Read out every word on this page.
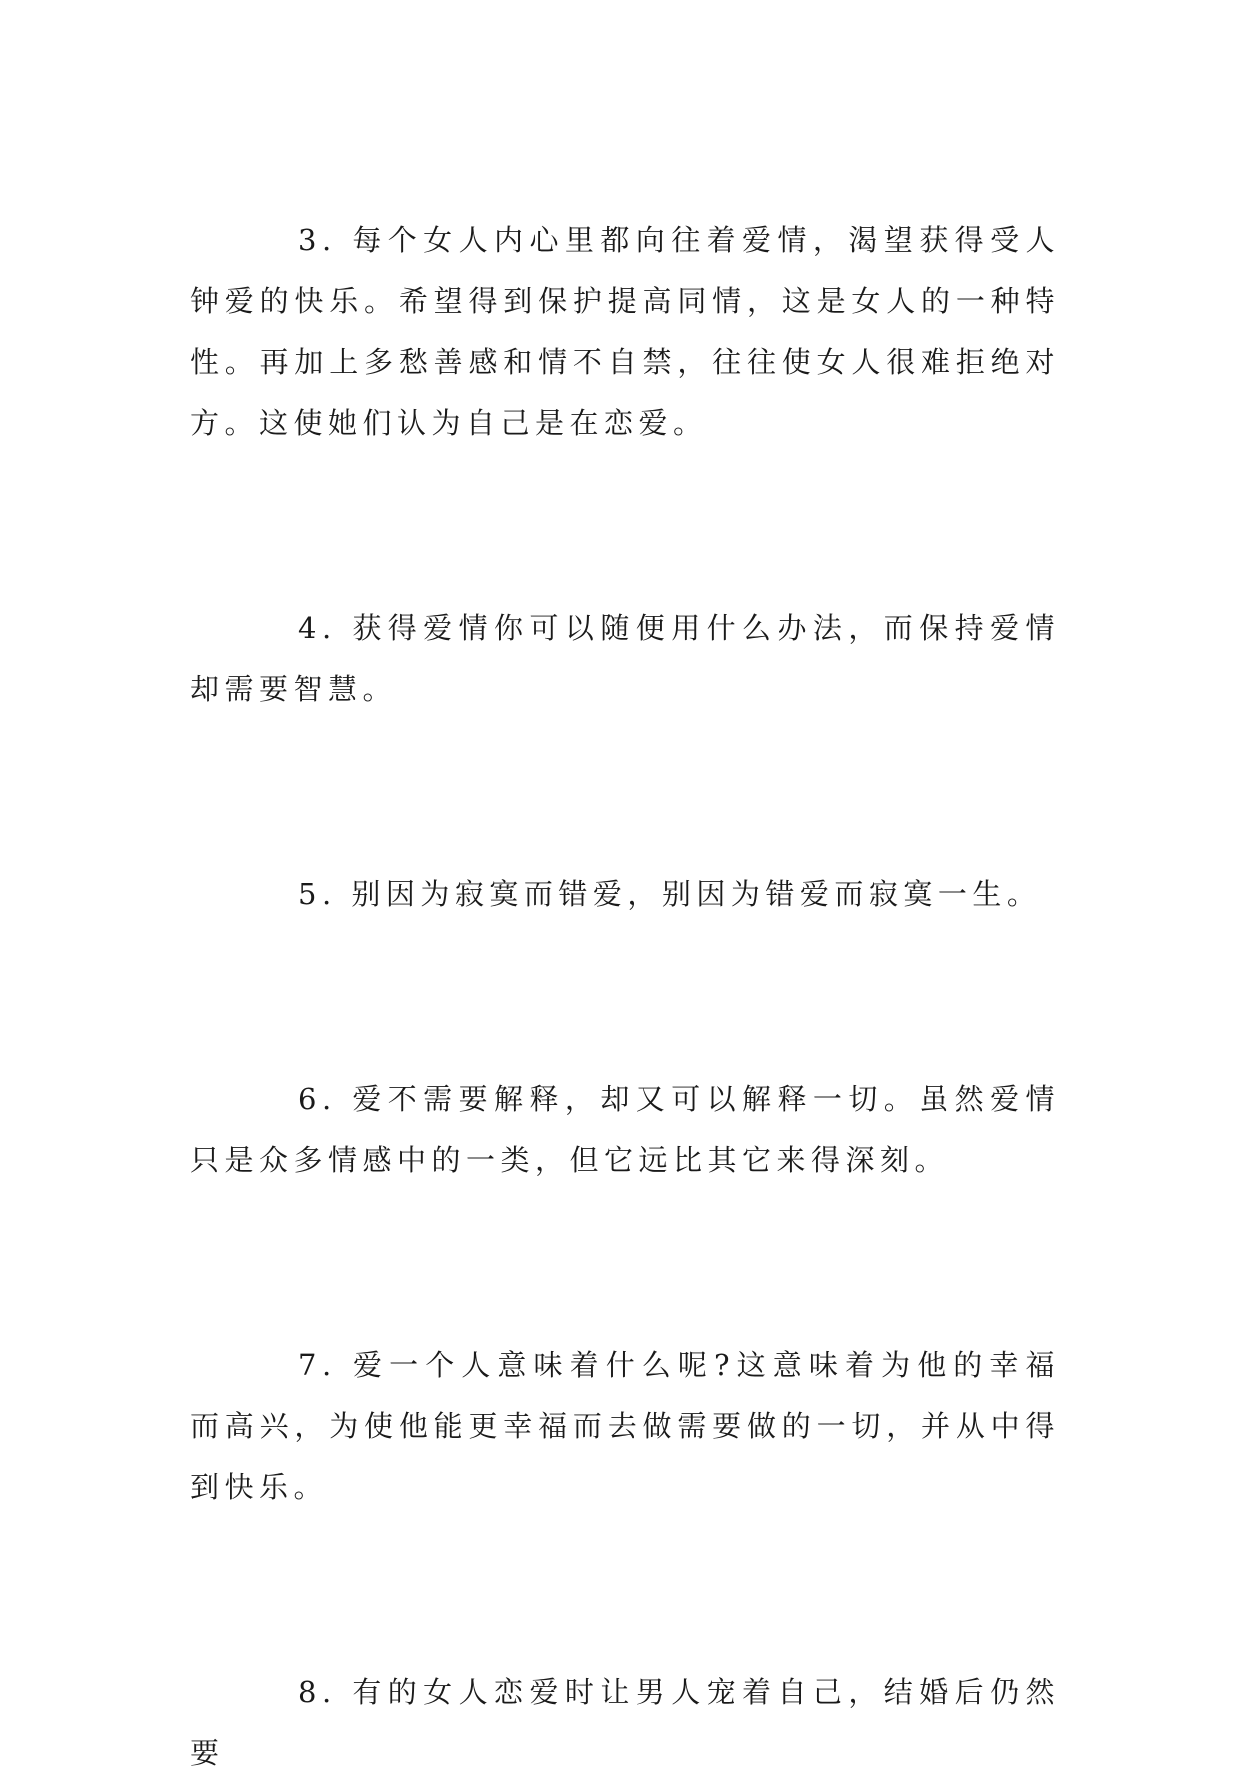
3. 每个女人内心里都向往着爱情，渴望获得受人钟爱的快乐。希望得到保护提高同情，这是女人的一种特性。再加上多愁善感和情不自禁，往往使女人很难拒绝对方。这使她们认为自己是在恋爱。

4. 获得爱情你可以随便用什么办法，而保持爱情却需要智慧。

5. 别因为寂寞而错爱，别因为错爱而寂寞一生。

6. 爱不需要解释，却又可以解释一切。虽然爱情只是众多情感中的一类，但它远比其它来得深刻。

7. 爱一个人意味着什么呢?这意味着为他的幸福而高兴，为使他能更幸福而去做需要做的一切，并从中得到快乐。

8. 有的女人恋爱时让男人宠着自己，结婚后仍然要
